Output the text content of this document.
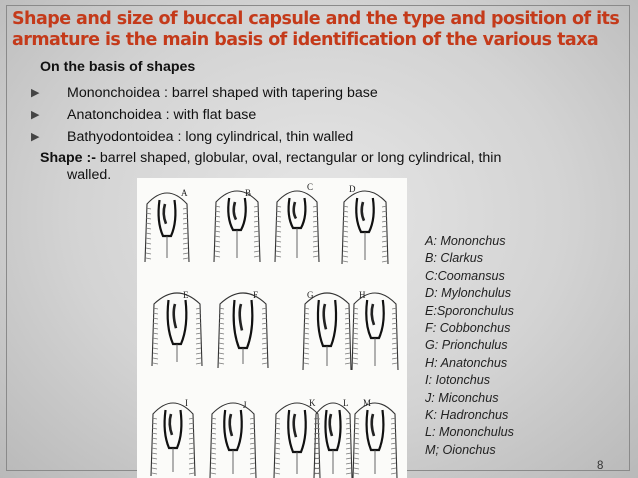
Shape and size of buccal capsule and the type and position of its
armature is the main basis of identification of the various taxa
On the basis of shapes
▶ Mononchoidea : barrel shaped with tapering base
▶ Anatonchoidea : with flat base
▶ Bathyodontoidea : long cylindrical, thin walled
Shape :- barrel shaped, globular, oval, rectangular or long cylindrical, thin
walled.
A	B
C	D
E	F	G	H
I	J	K	L M
A: Mononchus
B: Clarkus
C:Coomansus
D: Mylonchulus
E:Sporonchulus
F: Cobbonchus
G: Prionchulus
H: Anatonchus
I: Iotonchus
J: Miconchus
K: Hadronchus
L: Mononchulus
M; Oionchus
8
